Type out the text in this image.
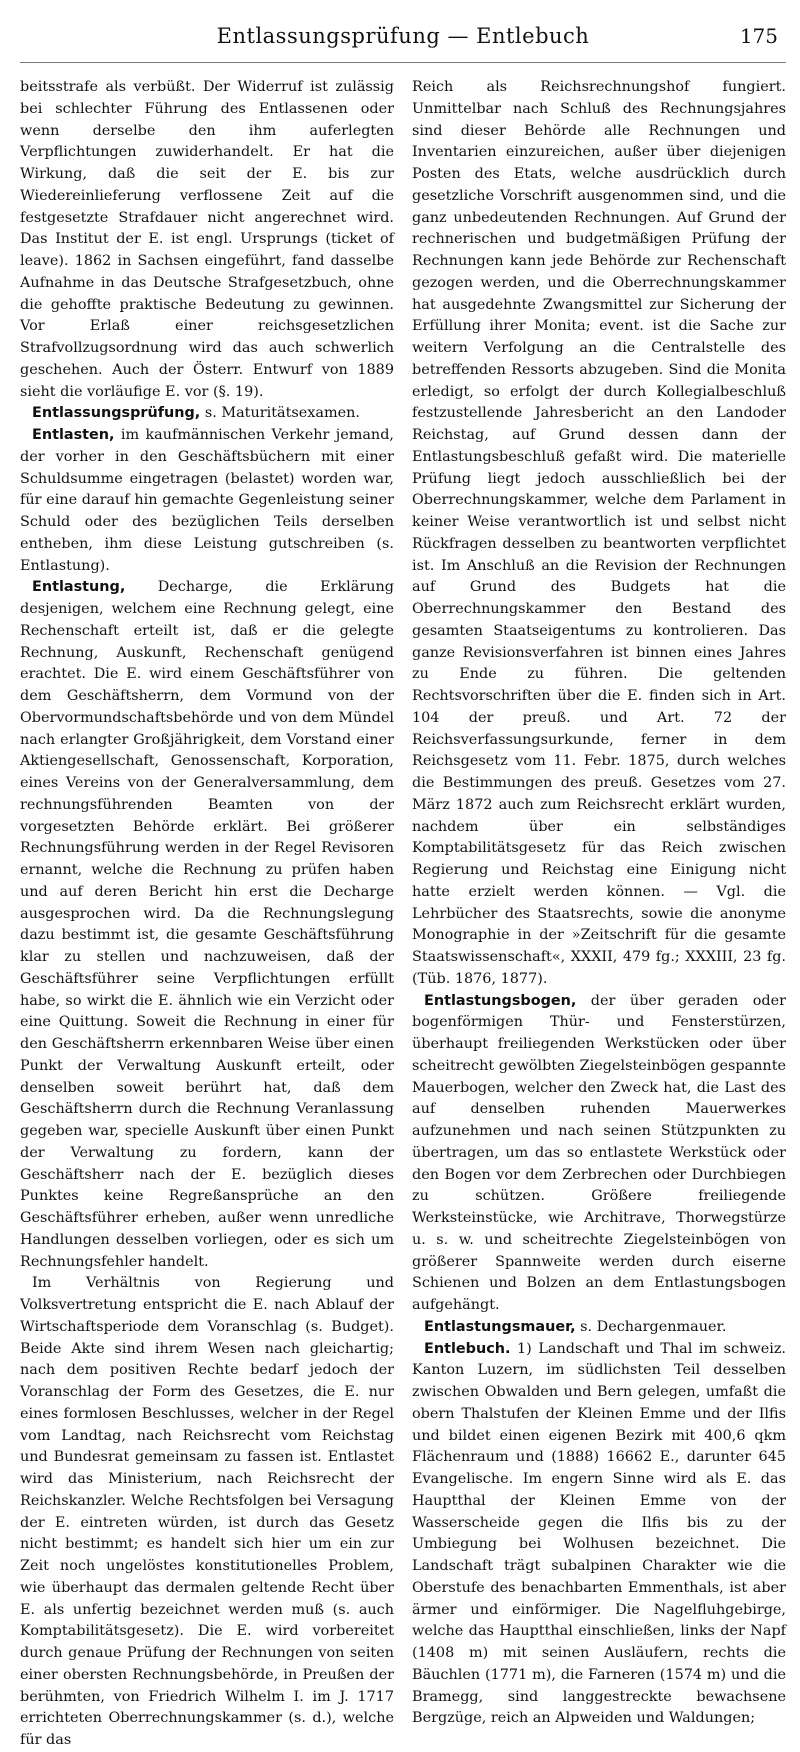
Entlassungsprüfung — Entlebuch	175

beitsstrafe als verbüßt. Der Widerruf ist zulässig bei schlechter Führung des Entlassenen oder wenn derselbe den ihm auferlegten Verpflichtungen zuwiderhandelt. Er hat die Wirkung, daß die seit der E. bis zur Wiedereinlieferung verflossene Zeit auf die festgesetzte Strafdauer nicht angerechnet wird. Das Institut der E. ist engl. Ursprungs (ticket of leave). 1862 in Sachsen eingeführt, fand dasselbe Aufnahme in das Deutsche Strafgesetzbuch, ohne die gehoffte praktische Bedeutung zu gewinnen. Vor Erlaß einer reichsgesetzlichen Strafvollzugsordnung wird das auch schwerlich geschehen. Auch der Österr. Entwurf von 1889 sieht die vorläufige E. vor (§. 19).

Entlassungsprüfung, s. Maturitätsexamen.

Entlasten, im kaufmännischen Verkehr jemand, der vorher in den Geschäftsbüchern mit einer Schuldsumme eingetragen (belastet) worden war, für eine darauf hin gemachte Gegenleistung seiner Schuld oder des bezüglichen Teils derselben entheben, ihm diese Leistung gutschreiben (s. Entlastung).

Entlastung, Decharge, die Erklärung desjenigen, welchem eine Rechnung gelegt, eine Rechenschaft erteilt ist, daß er die gelegte Rechnung, Auskunft, Rechenschaft genügend erachtet. Die E. wird einem Geschäftsführer von dem Geschäftsherrn, dem Vormund von der Obervormundschaftsbehörde und von dem Mündel nach erlangter Großjährigkeit, dem Vorstand einer Aktiengesellschaft, Genossenschaft, Korporation, eines Vereins von der Generalversammlung, dem rechnungsführenden Beamten von der vorgesetzten Behörde erklärt. Bei größerer Rechnungsführung werden in der Regel Revisoren ernannt, welche die Rechnung zu prüfen haben und auf deren Bericht hin erst die Decharge ausgesprochen wird. Da die Rechnungslegung dazu bestimmt ist, die gesamte Geschäftsführung klar zu stellen und nachzuweisen, daß der Geschäftsführer seine Verpflichtungen erfüllt habe, so wirkt die E. ähnlich wie ein Verzicht oder eine Quittung. Soweit die Rechnung in einer für den Geschäftsherrn erkennbaren Weise über einen Punkt der Verwaltung Auskunft erteilt, oder denselben soweit berührt hat, daß dem Geschäftsherrn durch die Rechnung Veranlassung gegeben war, specielle Auskunft über einen Punkt der Verwaltung zu fordern, kann der Geschäftsherr nach der E. bezüglich dieses Punktes keine Regreßansprüche an den Geschäftsführer erheben, außer wenn unredliche Handlungen desselben vorliegen, oder es sich um Rechnungsfehler handelt.

Im Verhältnis von Regierung und Volksvertretung entspricht die E. nach Ablauf der Wirtschaftsperiode dem Voranschlag (s. Budget). Beide Akte sind ihrem Wesen nach gleichartig; nach dem positiven Rechte bedarf jedoch der Voranschlag der Form des Gesetzes, die E. nur eines formlosen Beschlusses, welcher in der Regel vom Landtag, nach Reichsrecht vom Reichstag und Bundesrat gemeinsam zu fassen ist. Entlastet wird das Ministerium, nach Reichsrecht der Reichskanzler. Welche Rechtsfolgen bei Versagung der E. eintreten würden, ist durch das Gesetz nicht bestimmt; es handelt sich hier um ein zur Zeit noch ungelöstes konstitutionelles Problem, wie überhaupt das dermalen geltende Recht über E. als unfertig bezeichnet werden muß (s. auch Komptabilitätsgesetz). Die E. wird vorbereitet durch genaue Prüfung der Rechnungen von seiten einer obersten Rechnungsbehörde, in Preußen der berühmten, von Friedrich Wilhelm I. im J. 1717 errichteten Oberrechnungskammer (s. d.), welche für das

Reich als Reichsrechnungshof fungiert. Unmittelbar nach Schluß des Rechnungsjahres sind dieser Behörde alle Rechnungen und Inventarien einzureichen, außer über diejenigen Posten des Etats, welche ausdrücklich durch gesetzliche Vorschrift ausgenommen sind, und die ganz unbedeutenden Rechnungen. Auf Grund der rechnerischen und budgetmäßigen Prüfung der Rechnungen kann jede Behörde zur Rechenschaft gezogen werden, und die Oberrechnungskammer hat ausgedehnte Zwangsmittel zur Sicherung der Erfüllung ihrer Monita; event. ist die Sache zur weitern Verfolgung an die Centralstelle des betreffenden Ressorts abzugeben. Sind die Monita erledigt, so erfolgt der durch Kollegialbeschluß festzustellende Jahresbericht an den Landoder Reichstag, auf Grund dessen dann der Entlastungsbeschluß gefaßt wird. Die materielle Prüfung liegt jedoch ausschließlich bei der Oberrechnungskammer, welche dem Parlament in keiner Weise verantwortlich ist und selbst nicht Rückfragen desselben zu beantworten verpflichtet ist. Im Anschluß an die Revision der Rechnungen auf Grund des Budgets hat die Oberrechnungskammer den Bestand des gesamten Staatseigentums zu kontrolieren. Das ganze Revisionsverfahren ist binnen eines Jahres zu Ende zu führen. Die geltenden Rechtsvorschriften über die E. finden sich in Art. 104 der preuß. und Art. 72 der Reichsverfassungsurkunde, ferner in dem Reichsgesetz vom 11. Febr. 1875, durch welches die Bestimmungen des preuß. Gesetzes vom 27. März 1872 auch zum Reichsrecht erklärt wurden, nachdem über ein selbständiges Komptabilitätsgesetz für das Reich zwischen Regierung und Reichstag eine Einigung nicht hatte erzielt werden können. — Vgl. die Lehrbücher des Staatsrechts, sowie die anonyme Monographie in der »Zeitschrift für die gesamte Staatswissenschaft«, XXXII, 479 fg.; XXXIII, 23 fg. (Tüb. 1876, 1877).

Entlastungsbogen, der über geraden oder bogenförmigen Thür- und Fensterstürzen, überhaupt freiliegenden Werkstücken oder über scheitrecht gewölbten Ziegelsteinbögen gespannte Mauerbogen, welcher den Zweck hat, die Last des auf denselben ruhenden Mauerwerkes aufzunehmen und nach seinen Stützpunkten zu übertragen, um das so entlastete Werkstück oder den Bogen vor dem Zerbrechen oder Durchbiegen zu schützen. Größere freiliegende Werksteinstücke, wie Architrave, Thorwegstürze u. s. w. und scheitrechte Ziegelsteinbögen von größerer Spannweite werden durch eiserne Schienen und Bolzen an dem Entlastungsbogen aufgehängt.

Entlastungsmauer, s. Dechargenmauer.

Entlebuch. 1) Landschaft und Thal im schweiz. Kanton Luzern, im südlichsten Teil desselben zwischen Obwalden und Bern gelegen, umfaßt die obern Thalstufen der Kleinen Emme und der Ilfis und bildet einen eigenen Bezirk mit 400,6 qkm Flächenraum und (1888) 16662 E., darunter 645 Evangelische. Im engern Sinne wird als E. das Hauptthal der Kleinen Emme von der Wasserscheide gegen die Ilfis bis zu der Umbiegung bei Wolhusen bezeichnet. Die Landschaft trägt subalpinen Charakter wie die Oberstufe des benachbarten Emmenthals, ist aber ärmer und einförmiger. Die Nagelfluhgebirge, welche das Hauptthal einschließen, links der Napf (1408 m) mit seinen Ausläufern, rechts die Bäuchlen (1771 m), die Farneren (1574 m) und die Bramegg, sind langgestreckte bewachsene Bergzüge, reich an Alpweiden und Waldungen;
